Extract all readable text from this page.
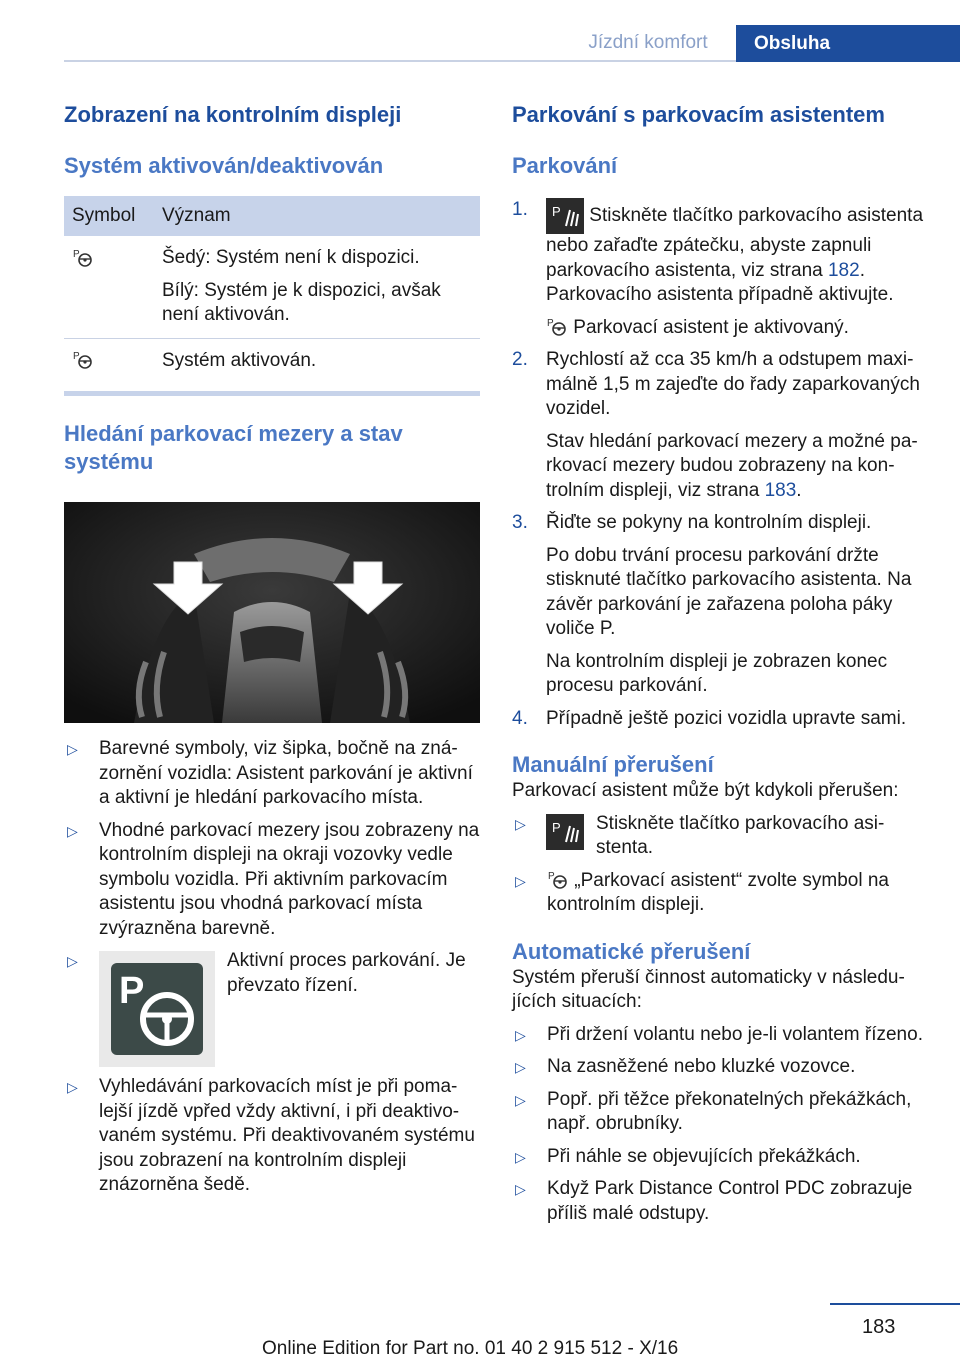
Jízdní komfort	Obsluha
Zobrazení na kontrolním displeji
Systém aktivován/deaktivován
Symbol	Význam

P	Šedý: Systém není k dispozici.

Bílý: Systém je k dispozici, avšak není aktivován.

P	Systém aktivován.
Hledání parkovací mezery a stav systému
▷ Barevné symboly, viz šipka, bočně na znázornění vozidla: Asistent parkování je aktivní a aktivní je hledání parkovacího místa.
▷ Vhodné parkovací mezery jsou zobrazeny na kontrolním displeji na okraji vozovky vedle symbolu vozidla. Při aktivním parkovacím asistentu jsou vhodná parkovací místa zvýrazněna barevně.
▷
P
Aktivní proces parkování. Je převzato řízení.
▷ Vyhledávání parkovacích míst je při pomalejší jízdě vpřed vždy aktivní, i při deaktivovaném systému. Při deaktivovaném systému jsou zobrazení na kontrolním displeji znázorněna šedě.
Parkování s parkovacím asistentem
Parkování
1. P Stiskněte tlačítko parkovacího asistenta nebo zařaďte zpátečku, abyste zapnuli parkovacího asistenta, viz strana 182. Parkovacího asistenta případně aktivujte.

P Parkovací asistent je aktivovaný.

2. Rychlostí až cca 35 km/h a odstupem maximálně 1,5 m zajeďte do řady zaparkovaných vozidel.

Stav hledání parkovací mezery a možné parkovací mezery budou zobrazeny na kontrolním displeji, viz strana 183.

3. Řiďte se pokyny na kontrolním displeji.

Po dobu trvání procesu parkování držte stisknuté tlačítko parkovacího asistenta. Na závěr parkování je zařazena poloha páky voliče P.

Na kontrolním displeji je zobrazen konec procesu parkování.

4. Případně ještě pozici vozidla upravte sami.
Manuální přerušení

Parkovací asistent může být kdykoli přerušen:

▷ P Stiskněte tlačítko parkovacího asistenta.
▷ P „Parkovací asistent“ zvolte symbol na kontrolním displeji.
Automatické přerušení

Systém přeruší činnost automaticky v následujících situacích:

▷ Při držení volantu nebo je-li volantem řízeno.
▷ Na zasněžené nebo kluzké vozovce.
▷ Popř. při těžce překonatelných překážkách, např. obrubníky.
▷ Při náhle se objevujících překážkách.
▷ Když Park Distance Control PDC zobrazuje příliš malé odstupy.
183
Online Edition for Part no. 01 40 2 915 512 - X/16
